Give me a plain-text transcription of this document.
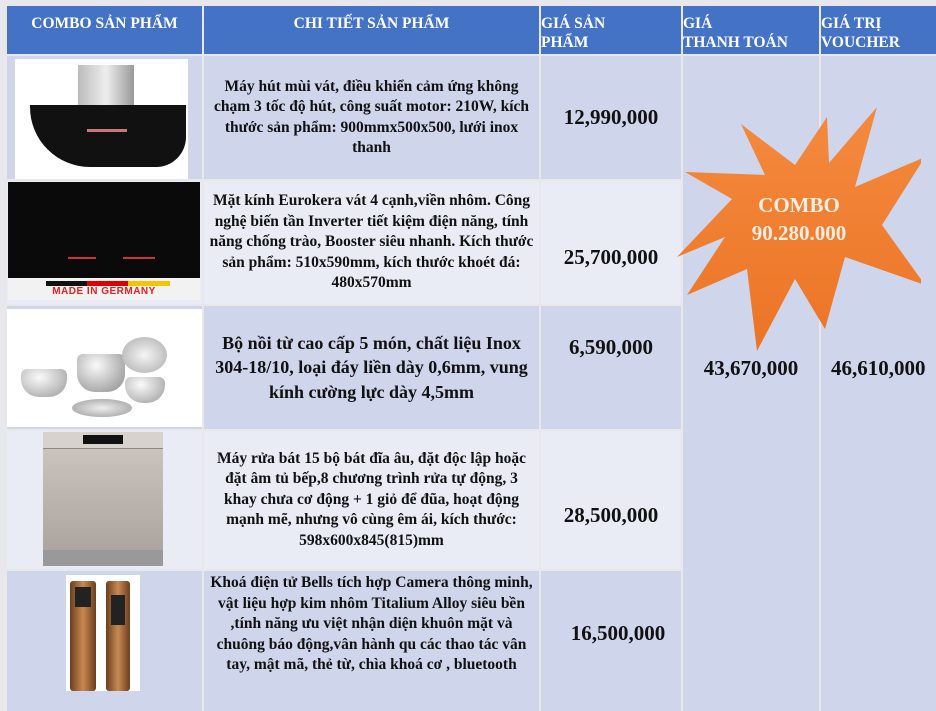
COMBO SẢN PHẨM	CHI TIẾT SẢN PHẨM	GIÁ SẢN
PHẨM
GIÁ
THANH TOÁN
GIÁ TRỊ
VOUCHER
Máy hút mùi vát, điều khiển cảm ứng không chạm 3 tốc độ hút, công suất motor: 210W, kích thước sản phẩm: 900mmx500x500, lưới inox thanh
12,990,000
Mặt kính Eurokera vát 4 cạnh,viền nhôm. Công nghệ biến tần Inverter tiết kiệm điện năng, tính năng chống trào, Booster siêu nhanh. Kích thước sản phẩm: 510x590mm, kích thước khoét đá: 480x570mm
25,700,000
Bộ nồi từ cao cấp 5 món, chất liệu Inox 304-18/10, loại đáy liền dày 0,6mm, vung kính cường lực dày 4,5mm
6,590,000
Máy rửa bát 15 bộ bát đĩa âu, đặt độc lập hoặc đặt âm tủ bếp,8 chương trình rửa tự động, 3 khay chưa cơ động + 1 giỏ để đũa, hoạt động mạnh mẽ, nhưng vô cùng êm ái, kích thước: 598x600x845(815)mm
28,500,000
Khoá điện tử Bells tích hợp Camera thông minh, vật liệu hợp kim nhôm Titalium Alloy siêu bền ,tính năng ưu việt nhận diện khuôn mặt và chuông báo động,vân hành qu các thao tác vân tay, mật mã, thẻ từ, chìa khoá cơ , bluetooth
16,500,000
43,670,000 46,610,000
MADE IN GERMANY
COMBO
90.280.000
